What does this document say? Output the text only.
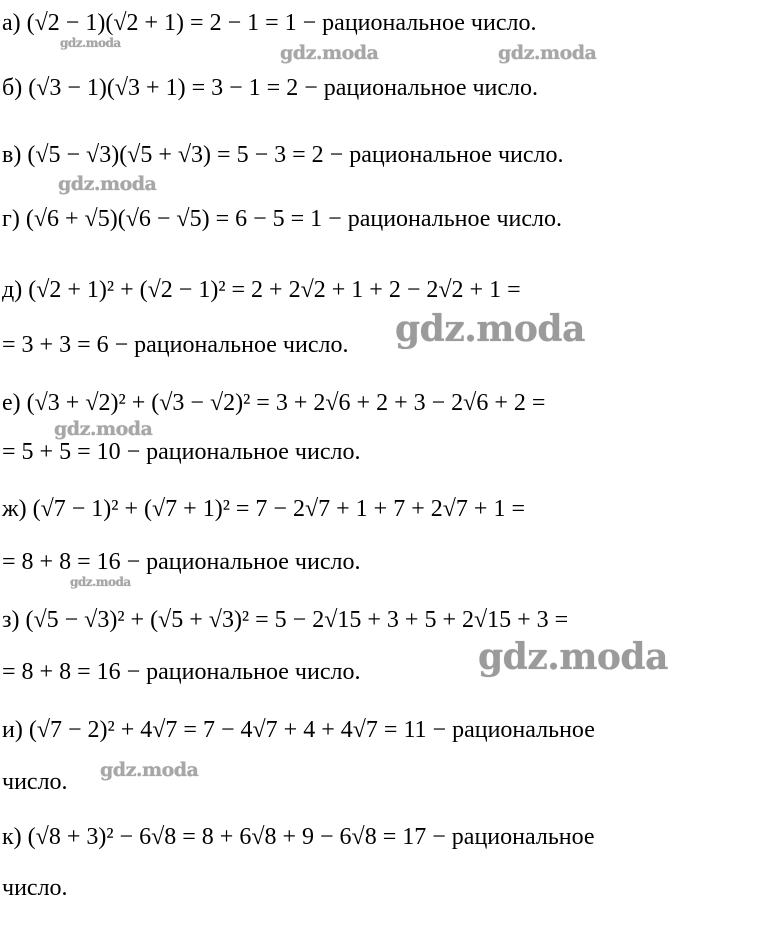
а) (√2 − 1)(√2 + 1) = 2 − 1 = 1 − рациональное число.
б) (√3 − 1)(√3 + 1) = 3 − 1 = 2 − рациональное число.
в) (√5 − √3)(√5 + √3) = 5 − 3 = 2 − рациональное число.
г) (√6 + √5)(√6 − √5) = 6 − 5 = 1 − рациональное число.
д) (√2 + 1)² + (√2 − 1)² = 2 + 2√2 + 1 + 2 − 2√2 + 1 =
= 3 + 3 = 6 − рациональное число.
е) (√3 + √2)² + (√3 − √2)² = 3 + 2√6 + 2 + 3 − 2√6 + 2 =
= 5 + 5 = 10 − рациональное число.
ж) (√7 − 1)² + (√7 + 1)² = 7 − 2√7 + 1 + 7 + 2√7 + 1 =
= 8 + 8 = 16 − рациональное число.
з) (√5 − √3)² + (√5 + √3)² = 5 − 2√15 + 3 + 5 + 2√15 + 3 =
= 8 + 8 = 16 − рациональное число.
и) (√7 − 2)² + 4√7 = 7 − 4√7 + 4 + 4√7 = 11 − рациональное
число.
к) (√8 + 3)² − 6√8 = 8 + 6√8 + 9 − 6√8 = 17 − рациональное
число.
gdz.moda	gdz.moda	gdz.moda
gdz.moda
gdz.moda
gdz.moda
gdz.moda
gdz.moda
gdz.moda
